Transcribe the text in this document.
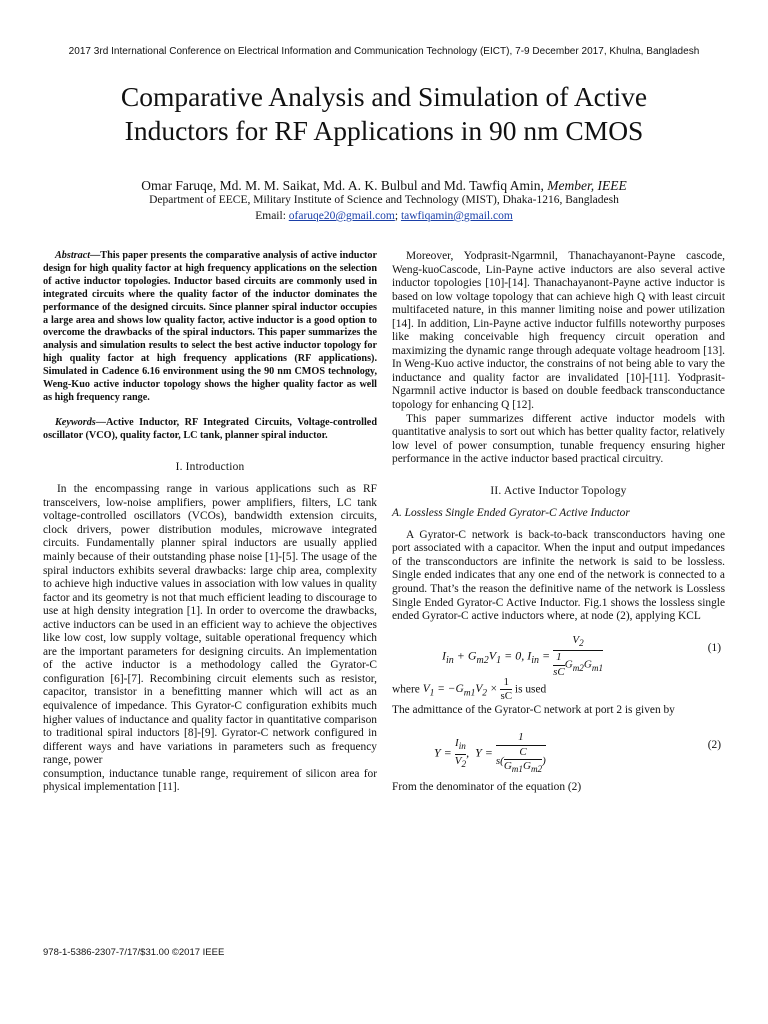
2017 3rd International Conference on Electrical Information and Communication Technology (EICT), 7-9 December 2017, Khulna, Bangladesh
Comparative Analysis and Simulation of Active
Inductors for RF Applications in 90 nm CMOS
Omar Faruqe, Md. M. M. Saikat, Md. A. K. Bulbul and Md. Tawfiq Amin, Member, IEEE
Department of EECE, Military Institute of Science and Technology (MIST), Dhaka-1216, Bangladesh
Email: ofaruqe20@gmail.com; tawfiqamin@gmail.com

Abstract—This paper presents the comparative analysis of active inductor design for high quality factor at high frequency applications on the selection of active inductor topologies. Inductor based circuits are commonly used in integrated circuits where the quality factor of the inductor dominates the performance of the designed circuits. Since planner spiral inductor occupies a large area and shows low quality factor, active inductor is a good option to overcome the drawbacks of the spiral inductors. This paper summarizes the analysis and simulation results to select the best active inductor topology for high quality factor at high frequency applications (RF applications). Simulated in Cadence 6.16 environment using the 90 nm CMOS technology, Weng-Kuo active inductor topology shows the higher quality factor as well as high frequency range.

Keywords—Active Inductor, RF Integrated Circuits, Voltage-controlled oscillator (VCO), quality factor, LC tank, planner spiral inductor.

I. Introduction

In the encompassing range in various applications such as RF transceivers, low-noise amplifiers, power amplifiers, filters, LC tank voltage-controlled oscillators (VCOs), bandwidth extension circuits, clock drivers, power distribution modules, microwave integrated circuits. Fundamentally planner spiral inductors are usually applied mainly because of their outstanding phase noise [1]-[5]. The usage of the spiral inductors exhibits several drawbacks: large chip area, complexity to achieve high inductive values in association with low values in quality factor and its geometry is not that much efficient leading to discourage to use at high density integration [1]. In order to overcome the drawbacks, active inductors can be used in an efficient way to achieve the objectives like low cost, low supply voltage, suitable operational frequency which are the important parameters for designing circuits. An implementation of the active inductor is a methodology called the Gyrator-C configuration [6]-[7]. Recombining circuit elements such as resistor, capacitor, transistor in a benefitting manner which will act as an equivalence of impedance. This Gyrator-C configuration exhibits much higher values of inductance and quality factor in quantitative comparison to traditional spiral inductors [8]-[9]. Gyrator-C network configured in different ways and have variations in parameters such as frequency range, power

consumption, inductance tunable range, requirement of silicon area for physical implementation [11].

Moreover, Yodprasit-Ngarmnil, Thanachayanont-Payne cascode, Weng-kuoCascode, Lin-Payne active inductors are also several active inductor topologies [10]-[14]. Thanachayanont-Payne active inductor is based on low voltage topology that can achieve high Q with least circuit multifaceted nature, in this manner limiting noise and power utilization [14]. In addition, Lin-Payne active inductor fulfills noteworthy purposes like making conceivable high frequency circuit operation and maximizing the dynamic range through adequate voltage headroom [13]. In Weng-Kuo active inductor, the constrains of not being able to vary the inductance and quality factor are invalidated [10]-[11]. Yodprasit-Ngarmnil active inductor is based on double feedback transconductance topology for enhancing Q [12].

This paper summarizes different active inductor models with quantitative analysis to sort out which has better quality factor, relatively low level of power consumption, tunable frequency ensuring higher performance in the active inductor based practical circuitry.

II. Active Inductor Topology
A. Lossless Single Ended Gyrator-C Active Inductor

A Gyrator-C network is back-to-back transconductors having one port associated with a capacitor. When the input and output impedances of the transconductors are infinite the network is said to be lossless. Single ended indicates that any one end of the network is connected to a ground. That’s the reason the definitive name of the network is Lossless Single Ended Gyrator-C Active Inductor. Fig.1 shows the lossless single ended Gyrator-C active inductors where, at node (2), applying KCL

$I_{in} + G_{m2}V_1 = 0$, $I_{in} = \frac{V_2}{\frac{1}{sC} G_{m2}G_{m1}}$	(1)

where $V_1 = -G_{m1}V_2 \times \frac{1}{sC}$ is used

The admittance of the Gyrator-C network at port 2 is given by

$Y = \frac{I_{in}}{V_2}$ ,  $Y = \frac{1}{s( \frac{C}{G_{m1}G_{m2}} )}$	(2)

From the denominator of the equation (2)

978-1-5386-2307-7/17/$31.00 ©2017 IEEE
